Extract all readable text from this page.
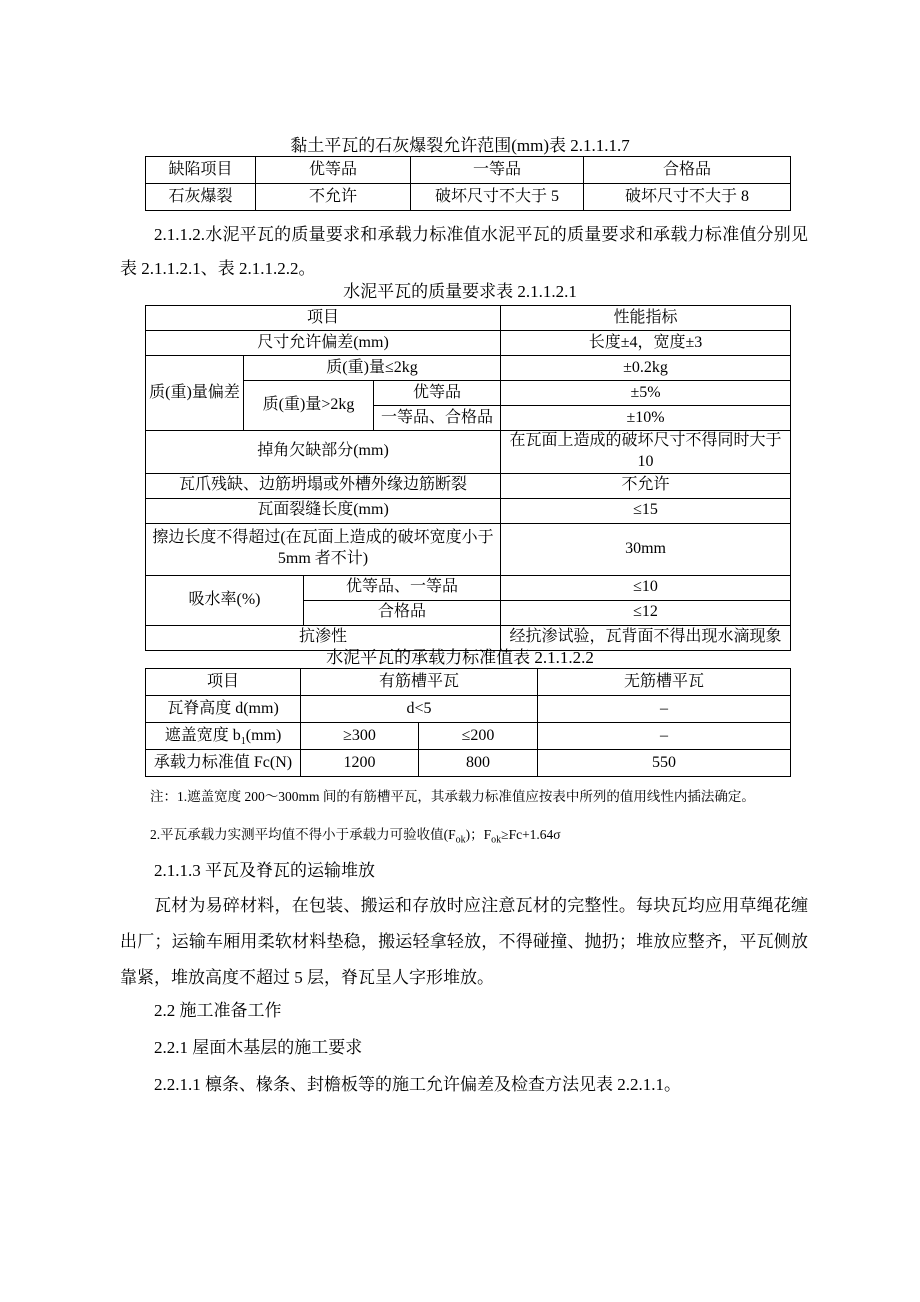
黏土平瓦的石灰爆裂允许范围(mm)表 2.1.1.1.7
缺陷项目	优等品	一等品	合格品
石灰爆裂	不允许	破坏尺寸不大于 5	破坏尺寸不大于 8
2.1.1.2.水泥平瓦的质量要求和承载力标准值水泥平瓦的质量要求和承载力标准值分别见表 2.1.1.2.1、表 2.1.1.2.2。
水泥平瓦的质量要求表 2.1.1.2.1
项目				性能指标
尺寸允许偏差(mm)				长度±4，宽度±3
质(重)量偏差	质(重)量≤2kg			±0.2kg
	质(重)量>2kg		优等品	±5%
			一等品、合格品	±10%
掉角欠缺部分(mm)				在瓦面上造成的破坏尺寸不得同时大于 10
瓦爪残缺、边筋坍塌或外槽外缘边筋断裂				不允许
瓦面裂缝长度(mm)				≤15
擦边长度不得超过(在瓦面上造成的破坏宽度小于 5mm 者不计)				30mm
吸水率(%)		优等品、一等品		≤10
		合格品		≤12
抗渗性				经抗渗试验，瓦背面不得出现水滴现象
水泥平瓦的承载力标准值表 2.1.1.2.2
项目	有筋槽平瓦		无筋槽平瓦
瓦脊高度 d(mm)	d<5		–
遮盖宽度 $b_1(mm)$	≥300	≤200	–
承载力标准值 Fc(N)	1200	800	550
注：1.遮盖宽度 200～300mm 间的有筋槽平瓦，其承载力标准值应按表中所列的值用线性内插法确定。
2.平瓦承载力实测平均值不得小于承载力可验收值$(F_{ok})$；$F_{ok}\ge Fc+1.64\sigma$
2.1.1.3 平瓦及脊瓦的运输堆放
瓦材为易碎材料，在包装、搬运和存放时应注意瓦材的完整性。每块瓦均应用草绳花缠出厂；运输车厢用柔软材料垫稳，搬运轻拿轻放，不得碰撞、抛扔；堆放应整齐，平瓦侧放靠紧，堆放高度不超过 5 层，脊瓦呈人字形堆放。
2.2 施工准备工作
2.2.1 屋面木基层的施工要求
2.2.1.1 檩条、椽条、封檐板等的施工允许偏差及检查方法见表 2.2.1.1。
